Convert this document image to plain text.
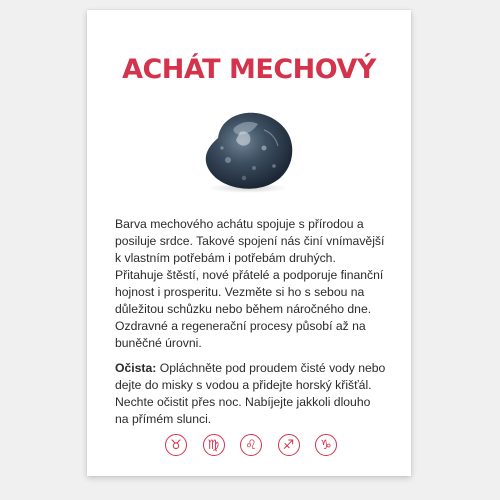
ACHÁT MECHOVÝ

Barva mechového achátu spojuje s přírodou a posiluje srdce. Takové spojení nás činí vnímavější k vlastním potřebám i potřebám druhých. Přitahuje štěstí, nové přátelé a podporuje finanční hojnost i prosperitu. Vezměte si ho s sebou na důležitou schůzku nebo během náročného dne. Ozdravné a regenerační procesy působí až na buněčné úrovni.

Očista: Opláchněte pod proudem čisté vody nebo dejte do misky s vodou a přidejte horský křišťál. Nechte očistit přes noc. Nabíjejte jakkoli dlouho na přímém slunci.

♉	♍	♌	♐	♑
